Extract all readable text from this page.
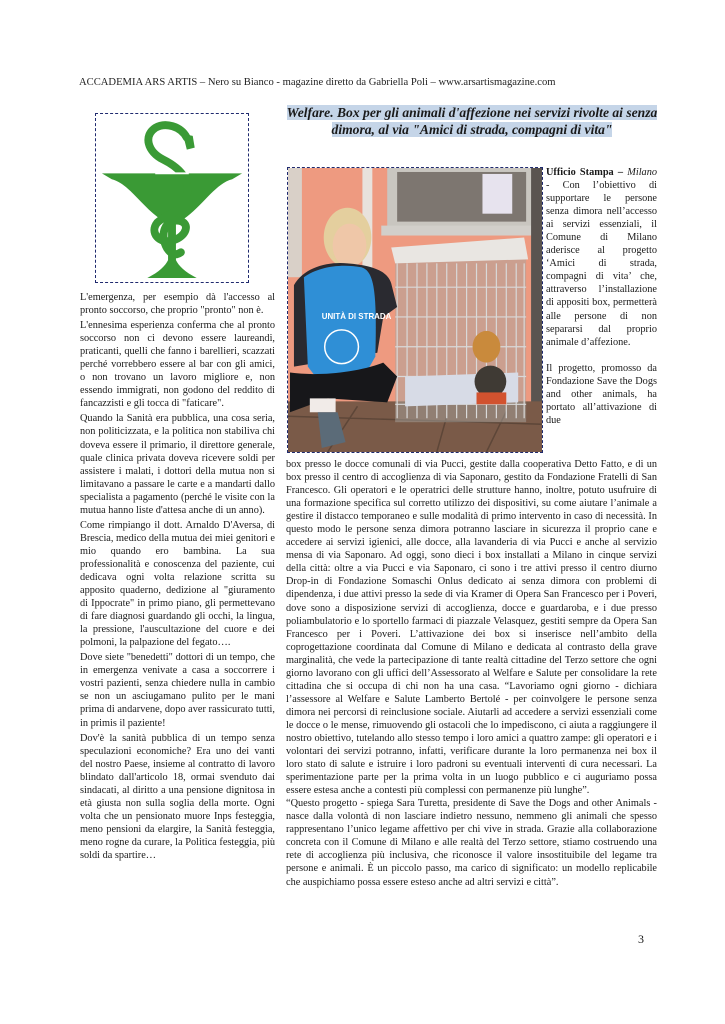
ACCADEMIA ARS ARTIS – Nero su Bianco - magazine diretto da Gabriella Poli – www.arsartismagazine.com

L'emergenza, per esempio dà l'accesso al pronto soccorso, che proprio "pronto" non è.

L'ennesima esperienza conferma che al pronto soccorso non ci devono essere laureandi, praticanti, quelli che fanno i barellieri, scazzati perché vorrebbero essere al bar con gli amici, o non trovano un lavoro migliore e, non essendo immigrati, non godono del reddito di fancazzisti e gli tocca di "faticare".

Quando la Sanità era pubblica, una cosa seria, non politicizzata, e la politica non stabiliva chi doveva essere il primario, il direttore generale, quale clinica privata doveva ricevere soldi per assistere i malati, i dottori della mutua non si limitavano a passare le carte e a mandarti dallo specialista a pagamento (perché le visite con la mutua hanno liste d'attesa anche di un anno).

Come rimpiango il dott. Arnaldo D'Aversa, di Brescia, medico della mutua dei miei genitori e mio quando ero bambina. La sua professionalità e conoscenza del paziente, cui dedicava ogni volta relazione scritta su apposito quaderno, dedizione al "giuramento di Ippocrate" in primo piano, gli permettevano di fare diagnosi guardando gli occhi, la lingua, la pressione, l'auscultazione del cuore e dei polmoni, la palpazione del fegato….

Dove siete "benedetti" dottori di un tempo, che in emergenza venivate a casa a soccorrere i vostri pazienti, senza chiedere nulla in cambio se non un asciugamano pulito per le mani prima di andarvene, dopo aver rassicurato tutti, in primis il paziente!

Dov'è la sanità pubblica di un tempo senza speculazioni economiche? Era uno dei vanti del nostro Paese, insieme al contratto di lavoro blindato dall'articolo 18, ormai svenduto dai sindacati, al diritto a una pensione dignitosa in età giusta non sulla soglia della morte. Ogni volta che un pensionato muore Inps festeggia, meno pensioni da elargire, la Sanità festeggia, meno rogne da curare, la Politica festeggia, più soldi da spartire…

Welfare. Box per gli animali d'affezione nei servizi rivolte ai senza dimora, al via "Amici di strada, compagni di vita"
UNITÀ DI STRADA

Ufficio Stampa – Milano - Con l’obiettivo di supportare le persone senza dimora nell’accesso ai servizi essenziali, il Comune di Milano aderisce al progetto ‘Amici di strada, compagni di vita’ che, attraverso l’installazione di appositi box, permetterà alle persone di non separarsi dal proprio animale d’affezione.

Il progetto, promosso da Fondazione Save the Dogs and other animals, ha portato all’attivazione di due

box presso le docce comunali di via Pucci, gestite dalla cooperativa Detto Fatto, e di un box presso il centro di accoglienza di via Saponaro, gestito da Fondazione Fratelli di San Francesco. Gli operatori e le operatrici delle strutture hanno, inoltre, potuto usufruire di una formazione specifica sul corretto utilizzo dei dispositivi, su come aiutare l’animale a gestire il distacco temporaneo e sulle modalità di primo intervento in caso di necessità. In questo modo le persone senza dimora potranno lasciare in sicurezza il proprio cane e accedere ai servizi igienici, alle docce, alla lavanderia di via Pucci e anche al servizio mensa di via Saponaro. Ad oggi, sono dieci i box installati a Milano in cinque servizi della città: oltre a via Pucci e via Saponaro, ci sono i tre attivi presso il centro diurno Drop-in di Fondazione Somaschi Onlus dedicato ai senza dimora con problemi di dipendenza, i due attivi presso la sede di via Kramer di Opera San Francesco per i Poveri, dove sono a disposizione servizi di accoglienza, docce e guardaroba, e i due presso poliambulatorio e lo sportello farmaci di piazzale Velasquez, gestiti sempre da Opera San Francesco per i Poveri. L’attivazione dei box si inserisce nell’ambito della coprogettazione coordinata dal Comune di Milano e dedicata al contrasto della grave marginalità, che vede la partecipazione di tante realtà cittadine del Terzo settore che ogni giorno lavorano con gli uffici dell’Assessorato al Welfare e Salute per consolidare la rete cittadina che si occupa di chi non ha una casa. “Lavoriamo ogni giorno - dichiara l’assessore al Welfare e Salute Lamberto Bertolé - per coinvolgere le persone senza dimora nei percorsi di reinclusione sociale. Aiutarli ad accedere a servizi essenziali come le docce o le mense, rimuovendo gli ostacoli che lo impediscono, ci aiuta a raggiungere il nostro obiettivo, tutelando allo stesso tempo i loro amici a quattro zampe: gli operatori e i volontari dei servizi potranno, infatti, verificare durante la loro permanenza nei box il loro stato di salute e istruire i loro padroni su eventuali interventi di cura necessari. La sperimentazione parte per la prima volta in un luogo pubblico e ci auguriamo possa essere estesa anche a contesti più complessi con permanenze più lunghe”.

“Questo progetto - spiega Sara Turetta, presidente di Save the Dogs and other Animals - nasce dalla volontà di non lasciare indietro nessuno, nemmeno gli animali che spesso rappresentano l’unico legame affettivo per chi vive in strada. Grazie alla collaborazione concreta con il Comune di Milano e alle realtà del Terzo settore, stiamo costruendo una rete di accoglienza più inclusiva, che riconosce il valore insostituibile del legame tra persone e animali. È un piccolo passo, ma carico di significato: un modello replicabile che auspichiamo possa essere esteso anche ad altri servizi e città”.

3
